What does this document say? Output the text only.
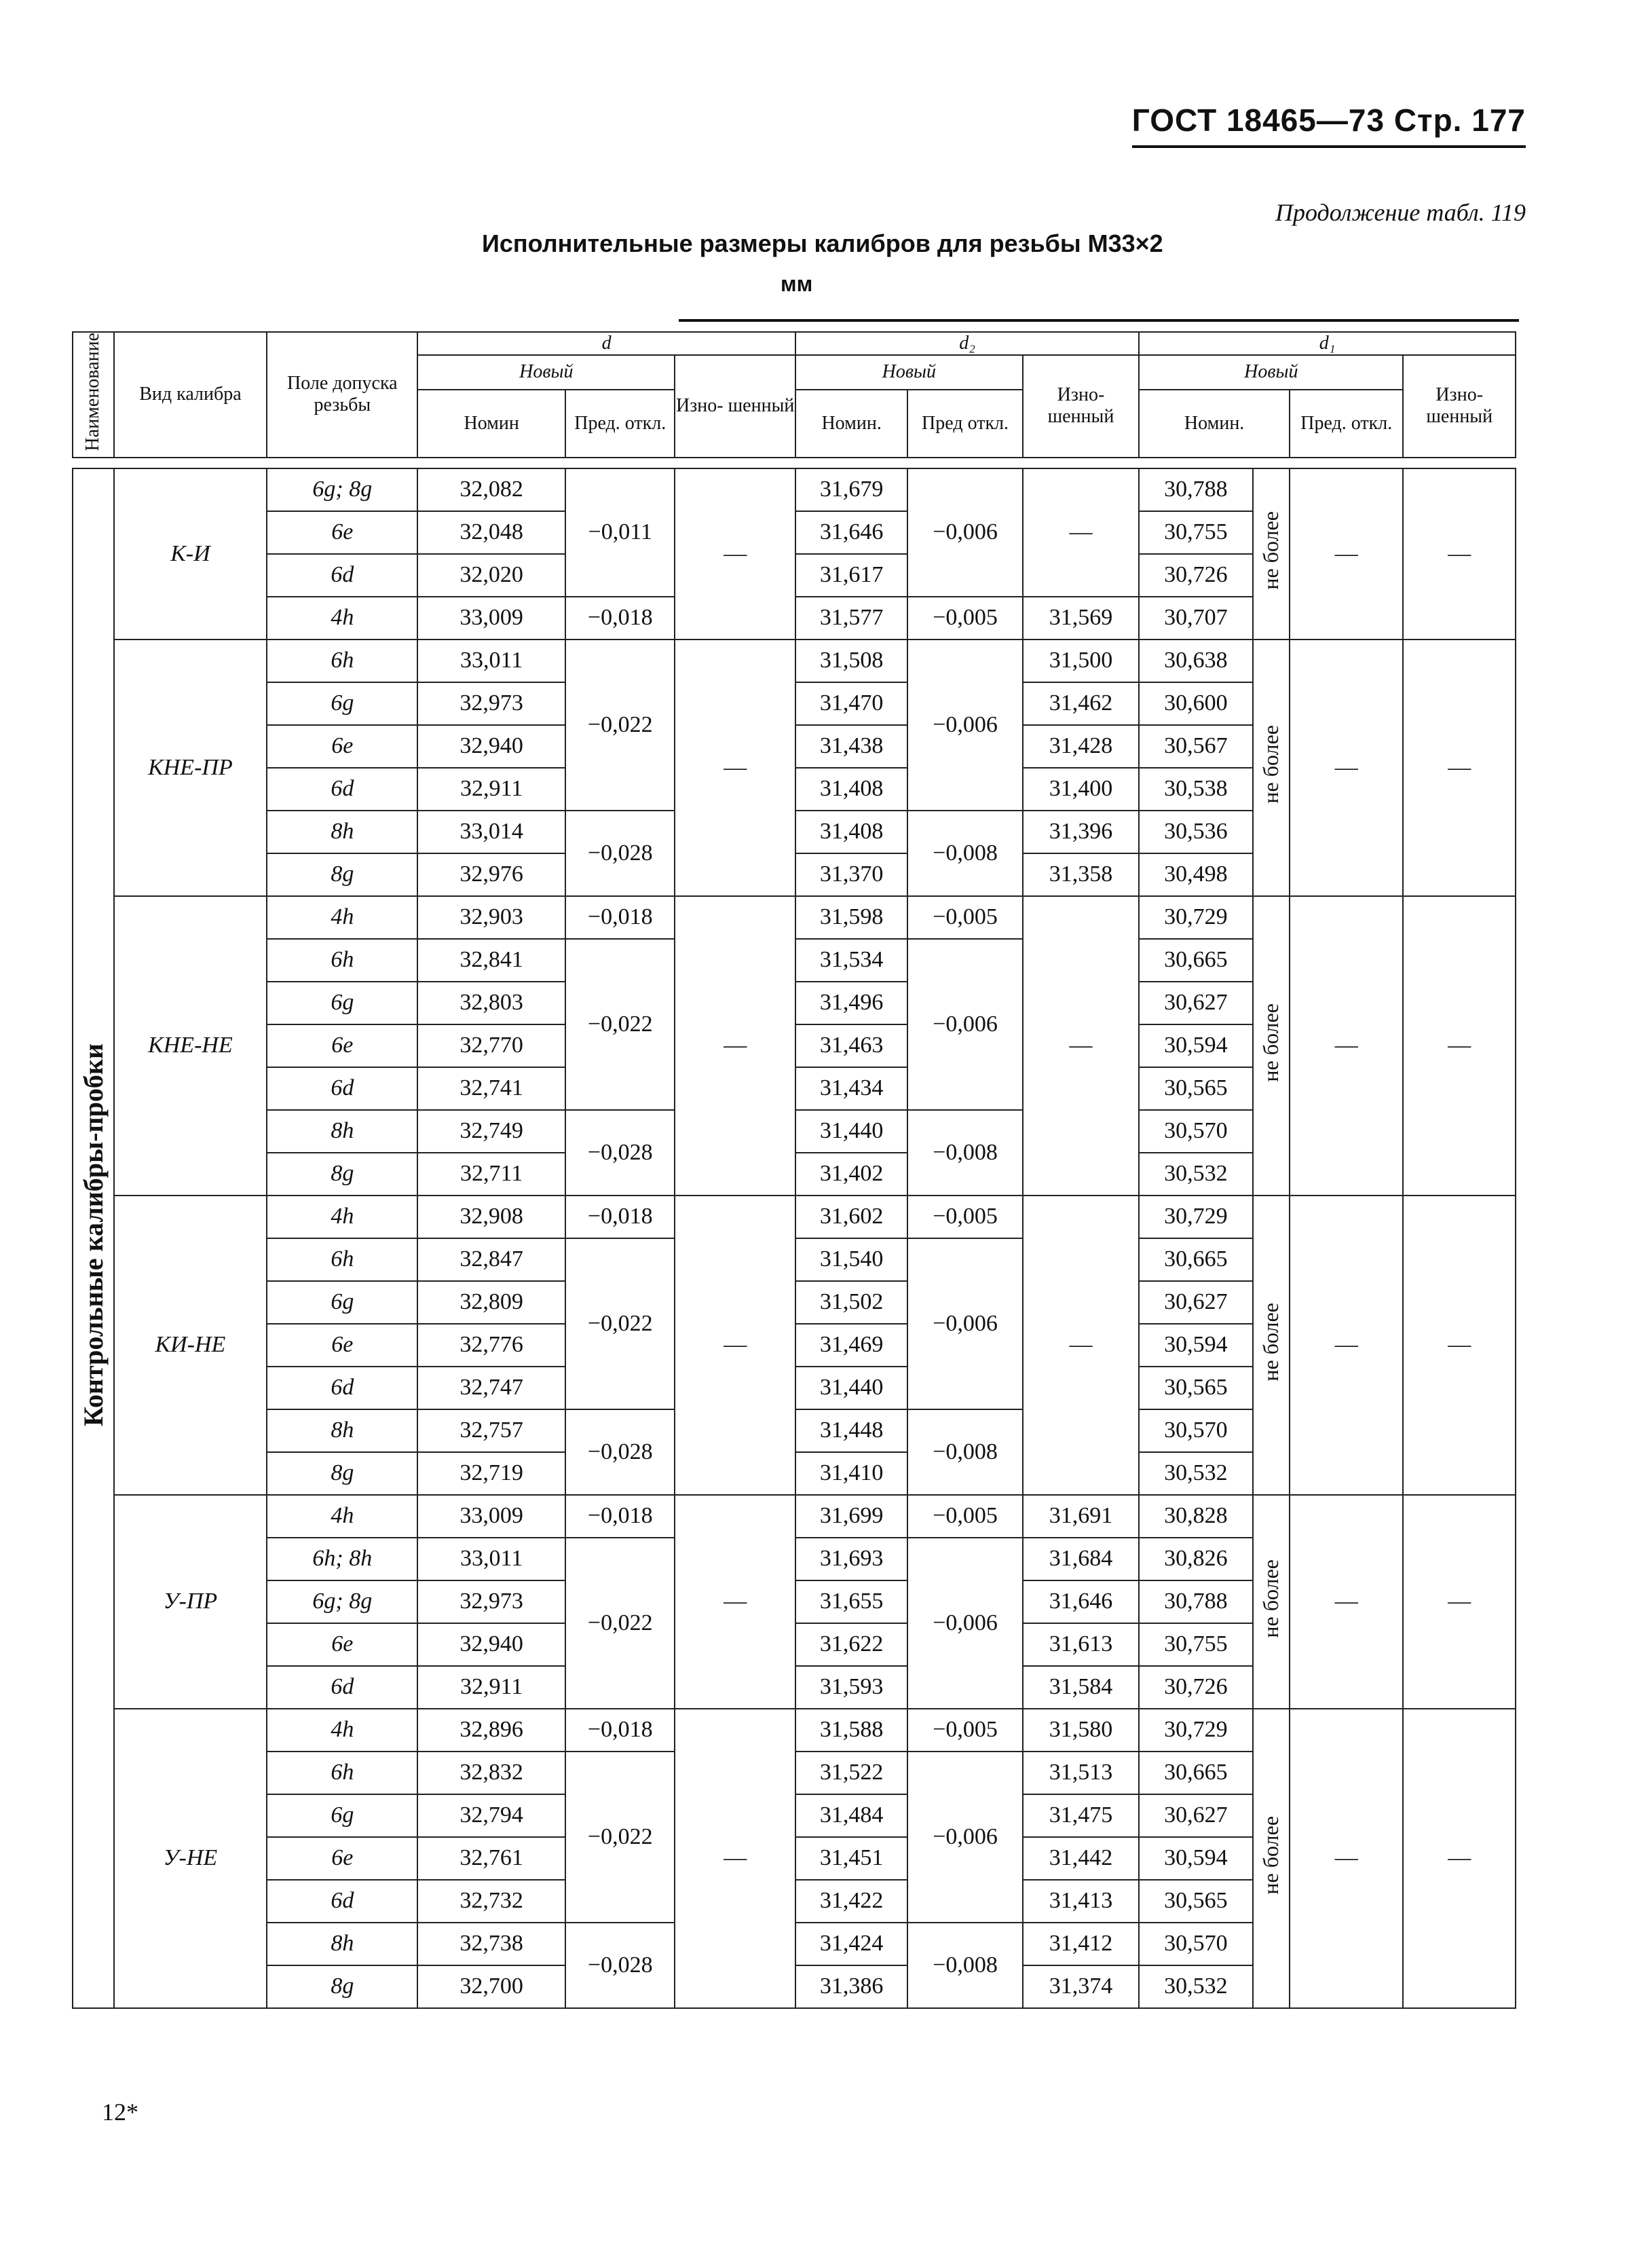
ГОСТ 18465—73 Стр. 177
Продолжение табл. 119
Исполнительные размеры калибров для резьбы М33×2
мм
Наименование	Вид калибра	Поле допуска резьбы	d			d₂			d₁			
			Новый		Изно- шенный	Новый		Изно- шенный	Новый			Изно- шенный
			Номин	Пред. откл.		Номин.	Пред откл.		Номин.		Пред. откл.	

Контрольные калибры-пробки	К-И	6g; 8g	32,082	−0,011	—	31,679	−0,006	—	30,788	не более	—	—
		6e	32,048			31,646			30,755			
		6d	32,020			31,617			30,726			
		4h	33,009	−0,018		31,577	−0,005	31,569	30,707			
	КНЕ-ПР	6h	33,011	−0,022	—	31,508	−0,006	31,500	30,638	не более	—	—
		6g	32,973			31,470		31,462	30,600			
		6e	32,940			31,438		31,428	30,567			
		6d	32,911			31,408		31,400	30,538			
		8h	33,014	−0,028		31,408	−0,008	31,396	30,536			
		8g	32,976			31,370		31,358	30,498			
	КНЕ-НЕ	4h	32,903	−0,018	—	31,598	−0,005	—	30,729	не более	—	—
		6h	32,841	−0,022		31,534	−0,006		30,665			
		6g	32,803			31,496			30,627			
		6e	32,770			31,463			30,594			
		6d	32,741			31,434			30,565			
		8h	32,749	−0,028		31,440	−0,008		30,570			
		8g	32,711			31,402			30,532			
	КИ-НЕ	4h	32,908	−0,018	—	31,602	−0,005	—	30,729	не более	—	—
		6h	32,847	−0,022		31,540	−0,006		30,665			
		6g	32,809			31,502			30,627			
		6e	32,776			31,469			30,594			
		6d	32,747			31,440			30,565			
		8h	32,757	−0,028		31,448	−0,008		30,570			
		8g	32,719			31,410			30,532			
	У-ПР	4h	33,009	−0,018	—	31,699	−0,005	31,691	30,828	не более	—	—
		6h; 8h	33,011	−0,022		31,693	−0,006	31,684	30,826			
		6g; 8g	32,973			31,655		31,646	30,788			
		6e	32,940			31,622		31,613	30,755			
		6d	32,911			31,593		31,584	30,726			
	У-НЕ	4h	32,896	−0,018	—	31,588	−0,005	31,580	30,729	не более	—	—
		6h	32,832	−0,022		31,522	−0,006	31,513	30,665			
		6g	32,794			31,484		31,475	30,627			
		6e	32,761			31,451		31,442	30,594			
		6d	32,732			31,422		31,413	30,565			
		8h	32,738	−0,028		31,424	−0,008	31,412	30,570			
		8g	32,700			31,386		31,374	30,532			
12*
